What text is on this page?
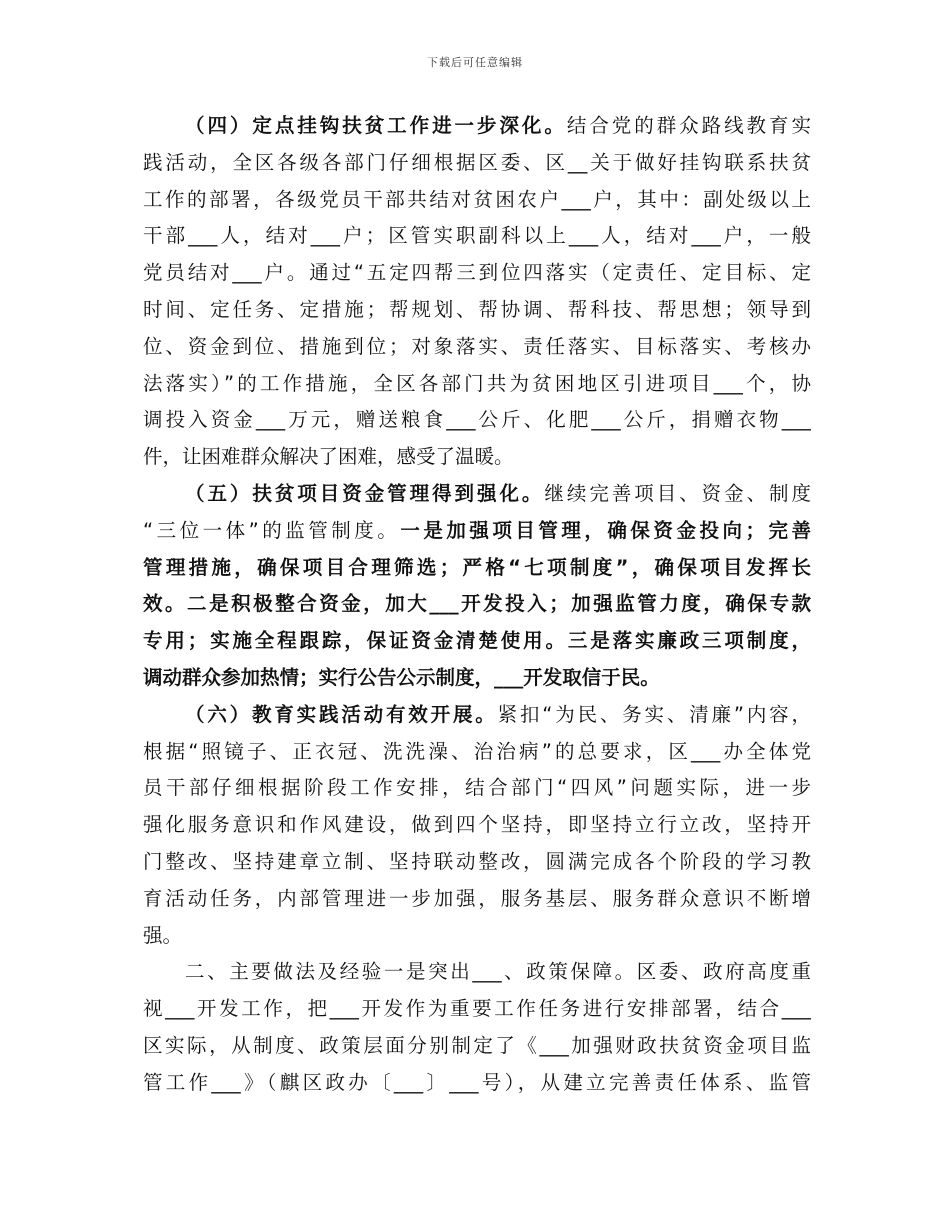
下载后可任意编辑
（四）定点挂钩扶贫工作进一步深化。结合党的群众路线教育实
践活动，全区各级各部门仔细根据区委、区__关于做好挂钩联系扶贫
工作的部署，各级党员干部共结对贫困农户___户，其中：副处级以上
干部___人，结对___户；区管实职副科以上___人，结对___户，一般
党员结对___户。通过“五定四帮三到位四落实（定责任、定目标、定
时间、定任务、定措施；帮规划、帮协调、帮科技、帮思想；领导到
位、资金到位、措施到位；对象落实、责任落实、目标落实、考核办
法落实）”的工作措施，全区各部门共为贫困地区引进项目___个，协
调投入资金___万元，赠送粮食___公斤、化肥___公斤，捐赠衣物___
件，让困难群众解决了困难，感受了温暖。
（五）扶贫项目资金管理得到强化。继续完善项目、资金、制度
“三位一体”的监管制度。一是加强项目管理，确保资金投向；完善
管理措施，确保项目合理筛选；严格“七项制度”，确保项目发挥长
效。二是积极整合资金，加大___开发投入；加强监管力度，确保专款
专用；实施全程跟踪，保证资金清楚使用。三是落实廉政三项制度，
调动群众参加热情；实行公告公示制度，___开发取信于民。
（六）教育实践活动有效开展。紧扣“为民、务实、清廉”内容，
根据“照镜子、正衣冠、洗洗澡、治治病”的总要求，区___办全体党
员干部仔细根据阶段工作安排，结合部门“四风”问题实际，进一步
强化服务意识和作风建设，做到四个坚持，即坚持立行立改，坚持开
门整改、坚持建章立制、坚持联动整改，圆满完成各个阶段的学习教
育活动任务，内部管理进一步加强，服务基层、服务群众意识不断增
强。
二、主要做法及经验一是突出___、政策保障。区委、政府高度重
视___开发工作，把___开发作为重要工作任务进行安排部署，结合___
区实际，从制度、政策层面分别制定了《___加强财政扶贫资金项目监
管工作___》（麒区政办〔___〕___号），从建立完善责任体系、监管
